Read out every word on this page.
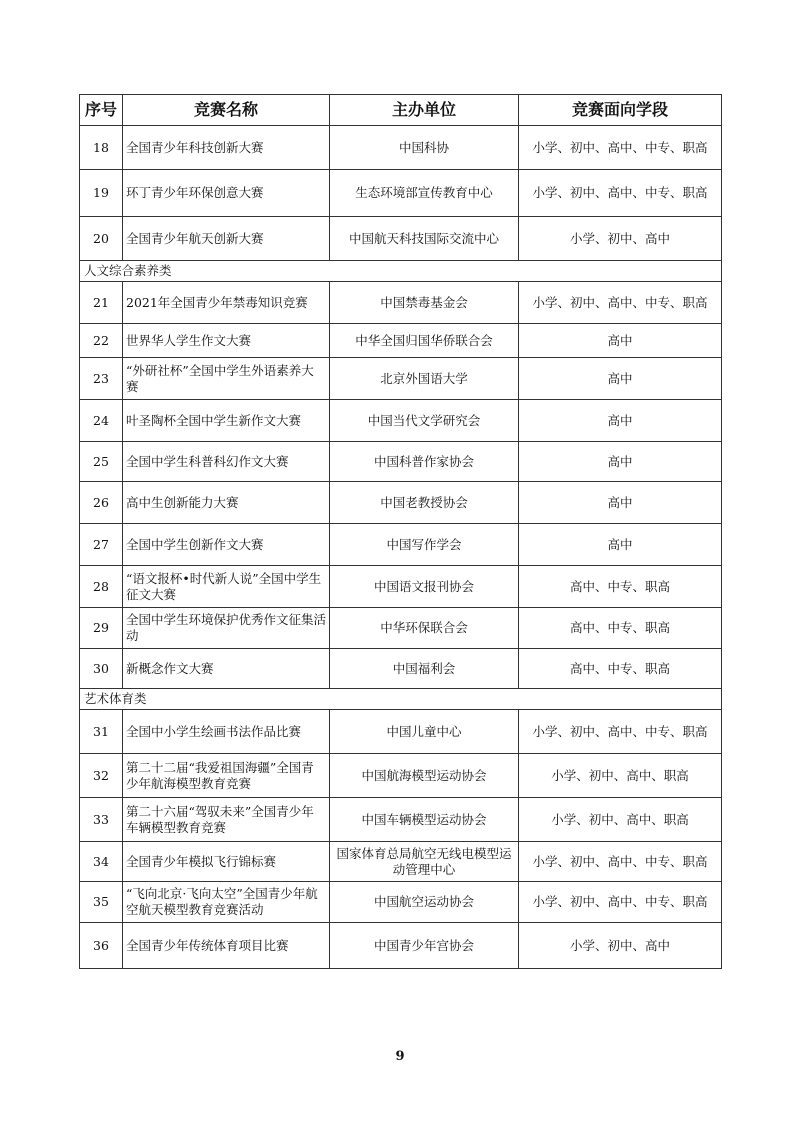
序号	竞赛名称	主办单位	竞赛面向学段
18	全国青少年科技创新大赛	中国科协	小学、初中、高中、中专、职高
19	环丁青少年环保创意大赛	生态环境部宣传教育中心	小学、初中、高中、中专、职高
20	全国青少年航天创新大赛	中国航天科技国际交流中心	小学、初中、高中
人文综合素养类			
21	2021年全国青少年禁毒知识竞赛	中国禁毒基金会	小学、初中、高中、中专、职高
22	世界华人学生作文大赛	中华全国归国华侨联合会	高中
23	“外研社杯”全国中学生外语素养大赛	北京外国语大学	高中
24	叶圣陶杯全国中学生新作文大赛	中国当代文学研究会	高中
25	全国中学生科普科幻作文大赛	中国科普作家协会	高中
26	高中生创新能力大赛	中国老教授协会	高中
27	全国中学生创新作文大赛	中国写作学会	高中
28	“语文报杯•时代新人说”全国中学生征文大赛	中国语文报刊协会	高中、中专、职高
29	全国中学生环境保护优秀作文征集活动	中华环保联合会	高中、中专、职高
30	新概念作文大赛	中国福利会	高中、中专、职高
艺术体育类			
31	全国中小学生绘画书法作品比赛	中国儿童中心	小学、初中、高中、中专、职高
32	第二十二届“我爱祖国海疆”全国青少年航海模型教育竞赛	中国航海模型运动协会	小学、初中、高中、职高
33	第二十六届“驾驭未来”全国青少年车辆模型教育竞赛	中国车辆模型运动协会	小学、初中、高中、职高
34	全国青少年模拟飞行锦标赛	国家体育总局航空无线电模型运动管理中心	小学、初中、高中、中专、职高
35	“飞向北京·飞向太空”全国青少年航空航天模型教育竞赛活动	中国航空运动协会	小学、初中、高中、中专、职高
36	全国青少年传统体育项目比赛	中国青少年宫协会	小学、初中、高中
9
